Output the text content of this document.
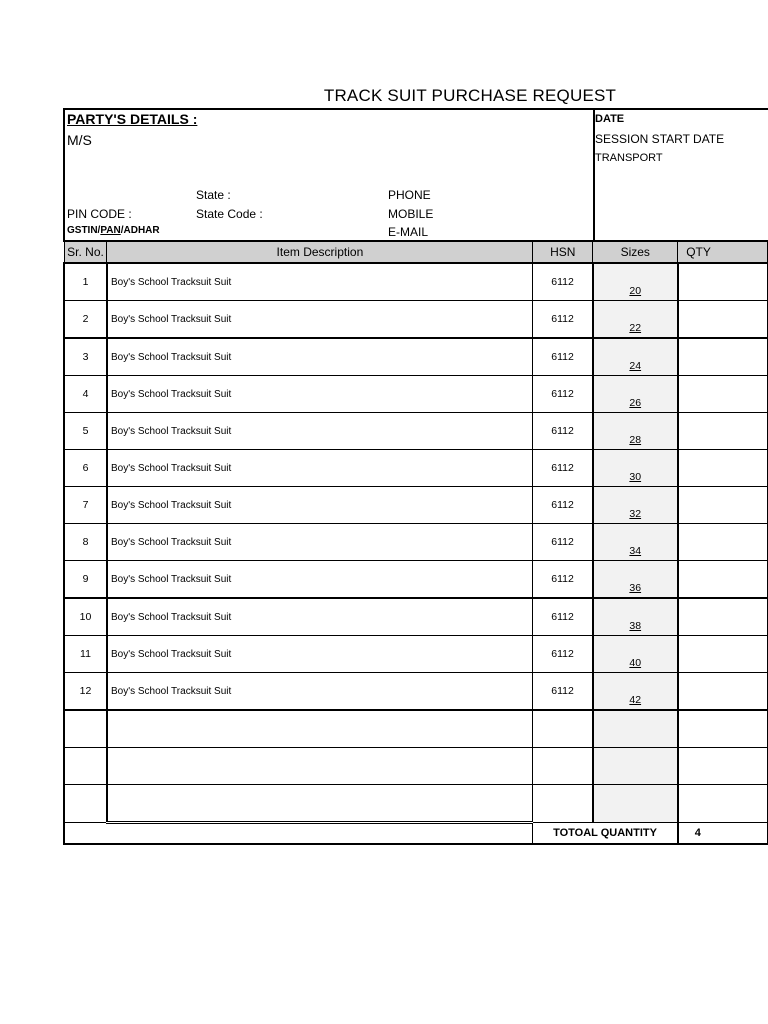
TRACK SUIT PURCHASE REQUEST
PARTY'S DETAILS :
M/S
State :	PHONE
PIN CODE :	State Code :	MOBILE
GSTIN/PAN/ADHAR	E-MAIL
DATE
SESSION START DATE
TRANSPORT
Sr. No.	Item Description	HSN	Sizes	QTY
1	Boy's School Tracksuit Suit	6112	20	
2	Boy's School Tracksuit Suit	6112	22	
3	Boy's School Tracksuit Suit	6112	24	
4	Boy's School Tracksuit Suit	6112	26	
5	Boy's School Tracksuit Suit	6112	28	
6	Boy's School Tracksuit Suit	6112	30	
7	Boy's School Tracksuit Suit	6112	32	
8	Boy's School Tracksuit Suit	6112	34	
9	Boy's School Tracksuit Suit	6112	36	
10	Boy's School Tracksuit Suit	6112	38	
11	Boy's School Tracksuit Suit	6112	40	
12	Boy's School Tracksuit Suit	6112	42	

		TOTOAL QUANTITY		4
